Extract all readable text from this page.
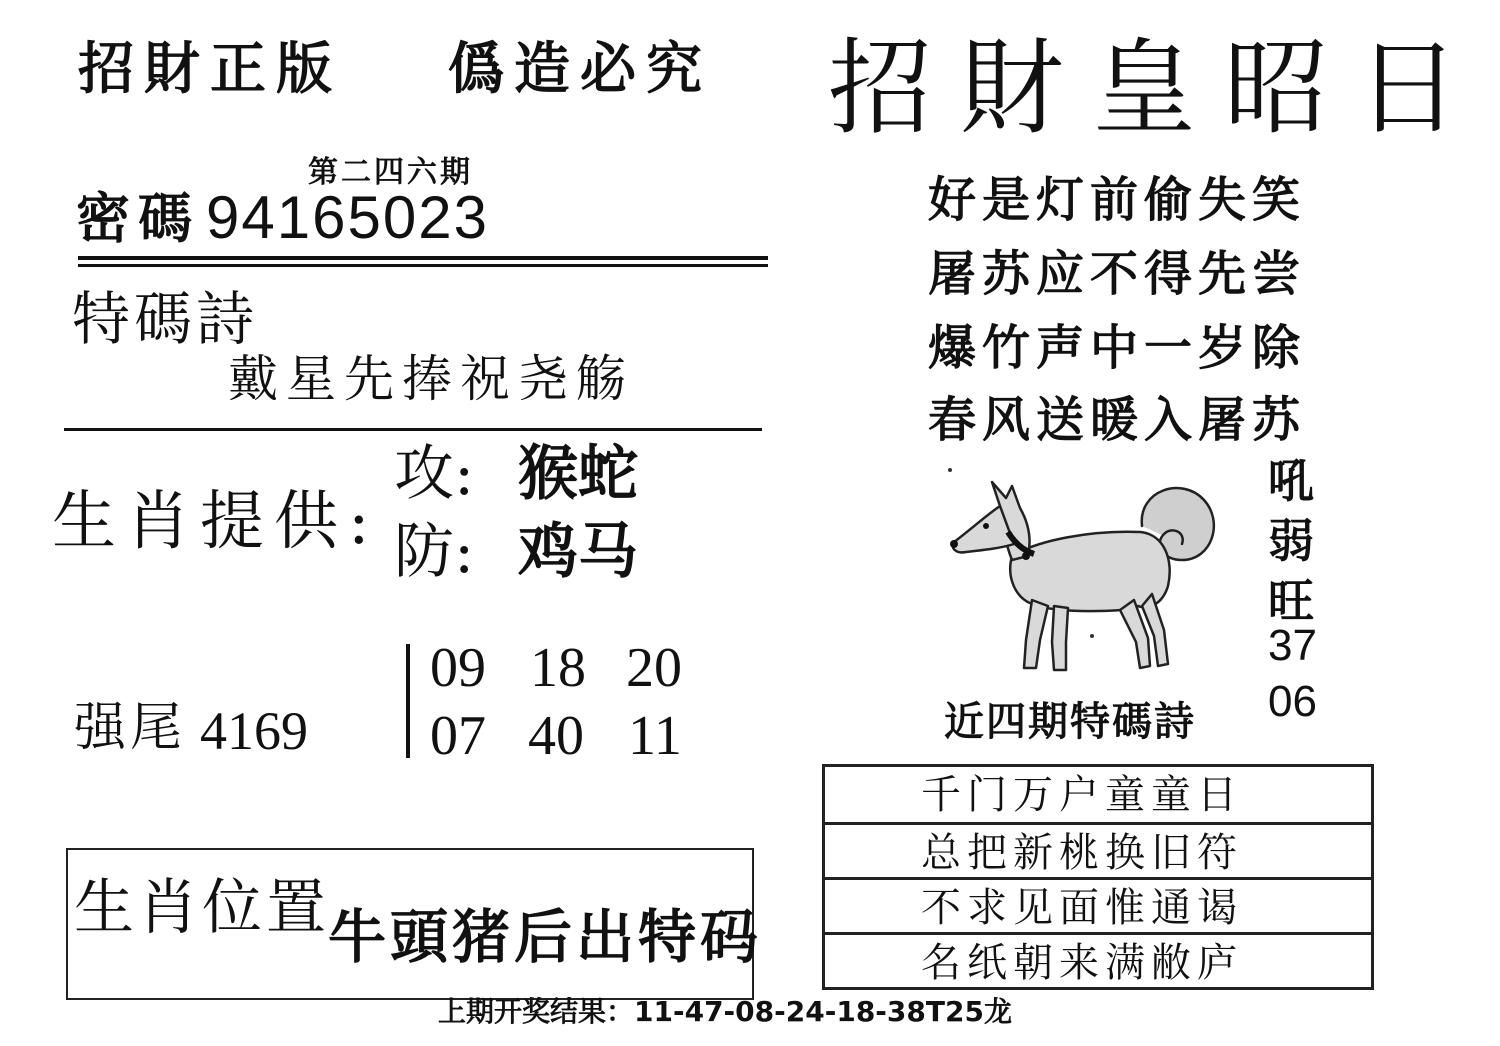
招財正版 僞造必究 招財皇昭日
第二四六期
密碼 94165023
特碼詩
戴星先捧祝尧觞
生肖提供:
攻: 猴蛇
防: 鸡马
强尾 4169
09 18 20
07 40 11
生肖位置
牛頭猪后出特码
上期开奖结果：11-47-08-24-18-38T25龙
好是灯前偷失笑
屠苏应不得先尝
爆竹声中一岁除
春风送暖入屠苏
吼
弱
旺
37
06
近四期特碼詩
千门万户童童日
总把新桃换旧符
不求见面惟通谒
名纸朝来满敝庐
